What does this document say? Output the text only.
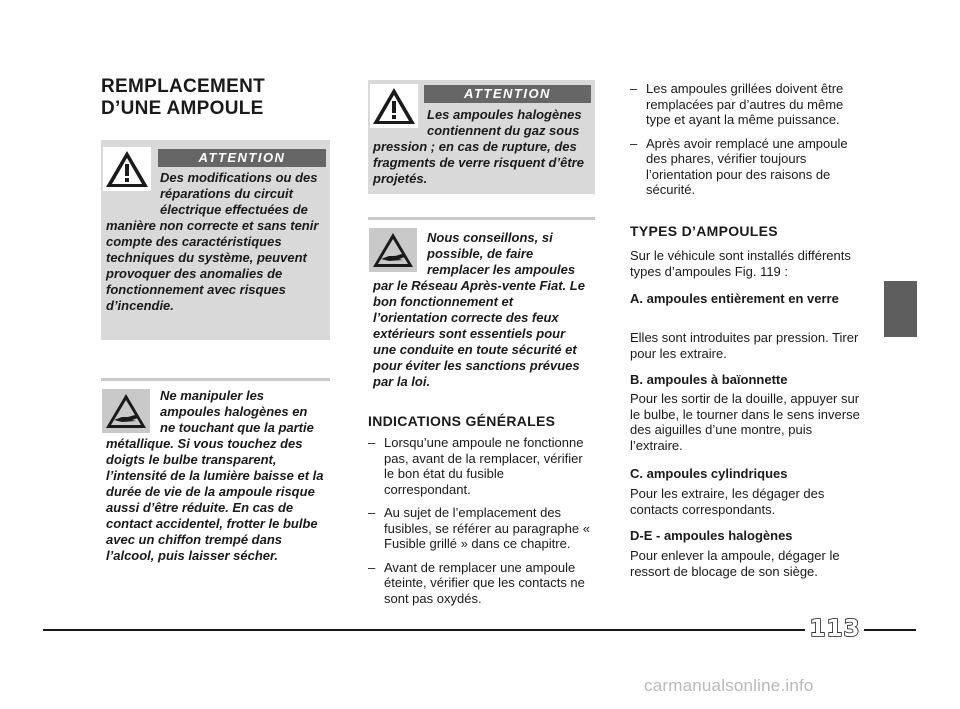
REMPLACEMENT
D’UNE AMPOULE
ATTENTION

Des modifications ou des réparations du circuit électrique effectuées de manière non correcte et sans tenir compte des caractéristiques techniques du système, peuvent provoquer des anomalies de fonctionnement avec risques d’incendie.

Ne manipuler les ampoules halogènes en ne touchant que la partie métallique. Si vous touchez des doigts le bulbe transparent, l’intensité de la lumière baisse et la durée de vie de la ampoule risque aussi d’être réduite. En cas de contact accidentel, frotter le bulbe avec un chiffon trempé dans l’alcool, puis laisser sécher.

ATTENTION

Les ampoules halogènes contiennent du gaz sous pression ; en cas de rupture, des fragments de verre risquent d’être projetés.

Nous conseillons, si possible, de faire remplacer les ampoules par le Réseau Après-vente Fiat. Le bon fonctionnement et l’orientation correcte des feux extérieurs sont essentiels pour une conduite en toute sécurité et pour éviter les sanctions prévues par la loi.

INDICATIONS GÉNÉRALES
– Lorsqu’une ampoule ne fonctionne pas, avant de la remplacer, vérifier le bon état du fusible correspondant.
– Au sujet de l’emplacement des fusibles, se référer au paragraphe « Fusible grillé » dans ce chapitre.
– Avant de remplacer une ampoule éteinte, vérifier que les contacts ne sont pas oxydés.
– Les ampoules grillées doivent être remplacées par d’autres du même type et ayant la même puissance.
– Après avoir remplacé une ampoule des phares, vérifier toujours l’orientation pour des raisons de sécurité.
TYPES D’AMPOULES

Sur le véhicule sont installés différents types d’ampoules Fig. 119 :

A. ampoules entièrement en verre

Elles sont introduites par pression. Tirer pour les extraire.

B. ampoules à baïonnette

Pour les sortir de la douille, appuyer sur le bulbe, le tourner dans le sens inverse des aiguilles d’une montre, puis l’extraire.

C. ampoules cylindriques

Pour les extraire, les dégager des contacts correspondants.

D-E - ampoules halogènes

Pour enlever la ampoule, dégager le ressort de blocage de son siège.

113
carmanualsonline.info
